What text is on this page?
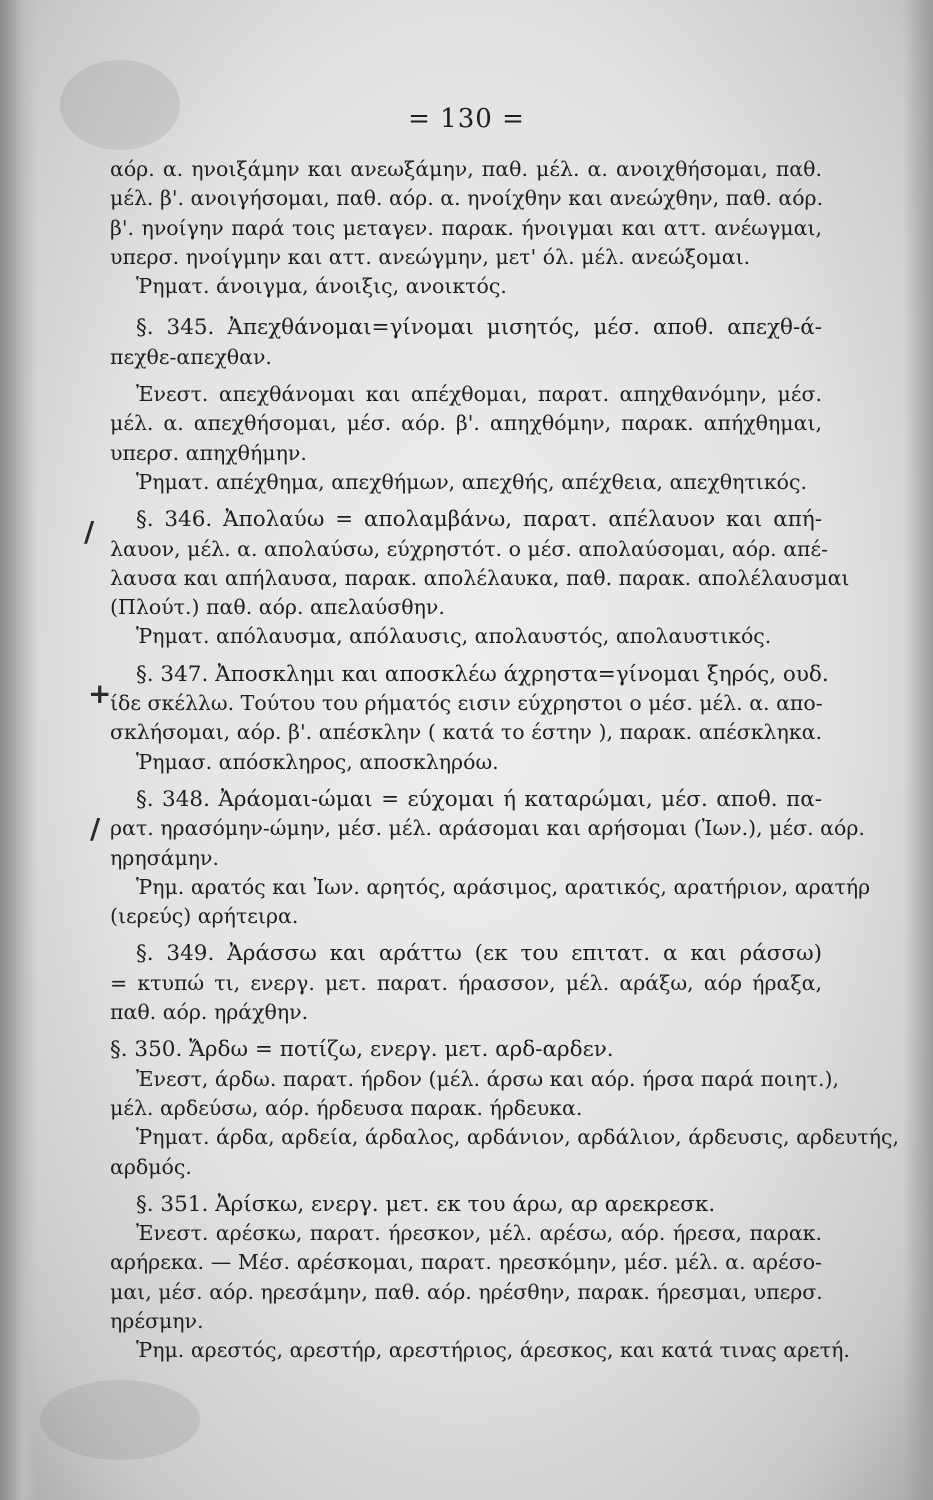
= 130 =
/
+
/
αόρ. α. ηνοιξάμην και ανεωξάμην, παθ. μέλ. α. ανοιχθήσομαι, παθ.
μέλ. β'. ανοιγήσομαι, παθ. αόρ. α. ηνοίχθην και ανεώχθην, παθ. αόρ.
β'. ηνοίγην παρά τοις μεταγεν. παρακ. ήνοιγμαι και αττ. ανέωγμαι,
υπερσ. ηνοίγμην και αττ. ανεώγμην, μετ' όλ. μέλ. ανεώξομαι.
Ῥηματ. άνοιγμα, άνοιξις, ανοικτός.
§. 345. Ἀπεχθάνομαι=γίνομαι μισητός, μέσ. αποθ. απεχθ-ά-
πεχθε-απεχθαν.
Ἐνεστ. απεχθάνομαι και απέχθομαι, παρατ. απηχθανόμην, μέσ.
μέλ. α. απεχθήσομαι, μέσ. αόρ. β'. απηχθόμην, παρακ. απήχθημαι,
υπερσ. απηχθήμην.
Ῥηματ. απέχθημα, απεχθήμων, απεχθής, απέχθεια, απεχθητικός.
§. 346. Ἀπολαύω = απολαμβάνω, παρατ. απέλαυον και απή-
λαυον, μέλ. α. απολαύσω, εύχρηστότ. ο μέσ. απολαύσομαι, αόρ. απέ-
λαυσα και απήλαυσα, παρακ. απολέλαυκα, παθ. παρακ. απολέλαυσμαι
(Πλούτ.) παθ. αόρ. απελαύσθην.
Ῥηματ. απόλαυσμα, απόλαυσις, απολαυστός, απολαυστικός.
§. 347. Ἀποσκλημι και αποσκλέω άχρηστα=γίνομαι ξηρός, ουδ.
ίδε σκέλλω. Τούτου του ρήματός εισιν εύχρηστοι ο μέσ. μέλ. α. απο-
σκλήσομαι, αόρ. β'. απέσκλην ( κατά το έστην ), παρακ. απέσκληκα.
Ῥημασ. απόσκληρος, αποσκληρόω.
§. 348. Ἀράομαι-ώμαι = εύχομαι ή καταρώμαι, μέσ. αποθ. πα-
ρατ. ηρασόμην-ώμην, μέσ. μέλ. αράσομαι και αρήσομαι (Ἰων.), μέσ. αόρ.
ηρησάμην.
Ῥημ. αρατός και Ἰων. αρητός, αράσιμος, αρατικός, αρατήριον, αρατήρ
(ιερεύς) αρήτειρα.
§. 349. Ἀράσσω και αράττω (εκ του επιτατ. α και ράσσω)
= κτυπώ τι, ενεργ. μετ. παρατ. ήρασσον, μέλ. αράξω, αόρ ήραξα,
παθ. αόρ. ηράχθην.
§. 350. Ἄρδω = ποτίζω, ενεργ. μετ. αρδ-αρδεν.
Ἐνεστ, άρδω. παρατ. ήρδον (μέλ. άρσω και αόρ. ήρσα παρά ποιητ.),
μέλ. αρδεύσω, αόρ. ήρδευσα παρακ. ήρδευκα.
Ῥηματ. άρδα, αρδεία, άρδαλος, αρδάνιον, αρδάλιον, άρδευσις, αρδευτής,
αρδμός.
§. 351. Ἀρίσκω, ενεργ. μετ. εκ του άρω, αρ αρεκρεσκ.
Ἐνεστ. αρέσκω, παρατ. ήρεσκον, μέλ. αρέσω, αόρ. ήρεσα, παρακ.
αρήρεκα. — Μέσ. αρέσκομαι, παρατ. ηρεσκόμην, μέσ. μέλ. α. αρέσο-
μαι, μέσ. αόρ. ηρεσάμην, παθ. αόρ. ηρέσθην, παρακ. ήρεσμαι, υπερσ.
ηρέσμην.
Ῥημ. αρεστός, αρεστήρ, αρεστήριος, άρεσκος, και κατά τινας αρετή.
